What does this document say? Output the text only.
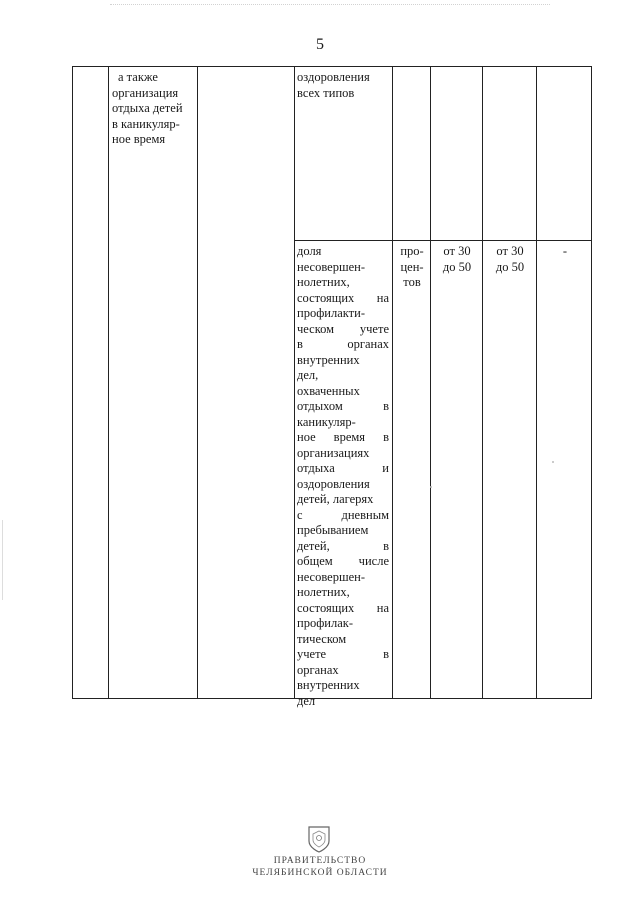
5
а также
организация
отдыха детей
в каникуляр-
ное время
оздоровления
всех типов
доля
несовершен-
нолетних,
состоящих на
профилакти-
ческом учете
в органах
внутренних
дел,
охваченных
отдыхом в
каникуляр-
ное время в
организациях
отдыха и
оздоровления
детей, лагерях
с дневным
пребыванием
детей, в
общем числе
несовершен-
нолетних,
состоящих на
профилак-
тическом
учете в
органах
внутренних
дел
про-
цен-
тов
от 30
до 50
от 30
до 50
-
ПРАВИТЕЛЬСТВО
ЧЕЛЯБИНСКОЙ ОБЛАСТИ
